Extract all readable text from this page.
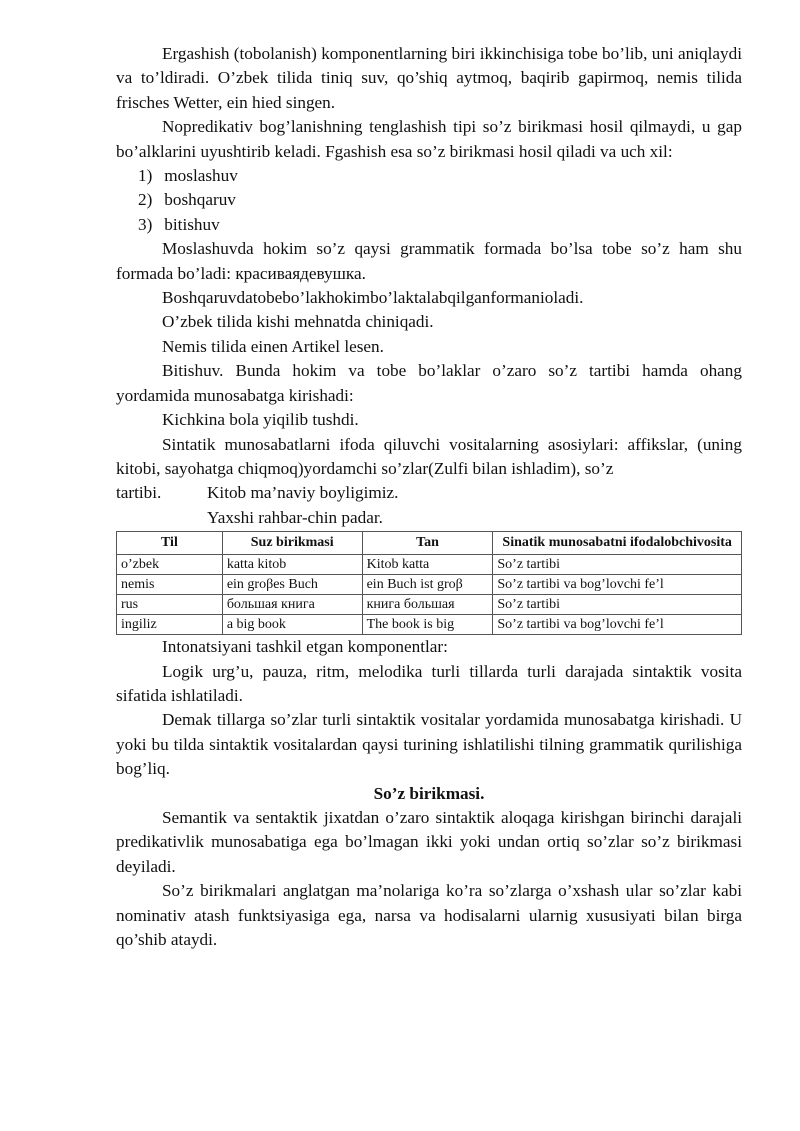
Ergashish (tobolanish) komponentlarning biri ikkinchisiga tobe bo’lib, uni aniqlaydi va to’ldiradi. O’zbek tilida tiniq suv, qo’shiq aytmoq, baqirib gapirmoq, nemis tilida frisches Wetter, ein hied singen.

Nopredikativ bog’lanishning tenglashish tipi so’z birikmasi hosil qilmaydi, u gap bo’alklarini uyushtirib keladi. Fgashish esa so’z birikmasi hosil qiladi va uch xil:

1) moslashuv
2) boshqaruv
3) bitishuv

Moslashuvda hokim so’z qaysi grammatik formada bo’lsa tobe so’z ham shu formada bo’ladi: красиваядевушка.

Boshqaruvdatobebo’lakhokimbo’laktalabqilganformanioladi.

O’zbek tilida kishi mehnatda chiniqadi.

Nemis tilida einen Artikel lesen.

Bitishuv. Bunda hokim va tobe bo’laklar o’zaro so’z tartibi hamda ohang yordamida munosabatga kirishadi:

Kichkina bola yiqilib tushdi.

Sintatik munosabatlarni ifoda qiluvchi vositalarning asosiylari: affikslar, (uning kitobi, sayohatga chiqmoq)yordamchi so’zlar(Zulfi bilan ishladim), so’z

tartibi.	Kitob ma’naviy boyligimiz.

Yaxshi rahbar-chin padar.

Til	Suz birikmasi	Tan	Sinatik munosabatni ifodalobchivosita
o’zbek	katta kitob	Kitob katta	So’z tartibi
nemis	ein groβes Buch	ein Buch ist groβ	So’z tartibi va bog’lovchi fe’l
rus	большая книга	книга большая	So’z tartibi
ingiliz	a big book	The book is big	So’z tartibi va bog’lovchi fe’l

Intonatsiyani tashkil etgan komponentlar:

Logik urg’u, pauza, ritm, melodika turli tillarda turli darajada sintaktik vosita sifatida ishlatiladi.

Demak tillarga so’zlar turli sintaktik vositalar yordamida munosabatga kirishadi. U yoki bu tilda sintaktik vositalardan qaysi turining ishlatilishi tilning grammatik qurilishiga bog’liq.

So’z birikmasi.

Semantik va sentaktik jixatdan o’zaro sintaktik aloqaga kirishgan birinchi darajali predikativlik munosabatiga ega bo’lmagan ikki yoki undan ortiq so’zlar so’z birikmasi deyiladi.

So’z birikmalari anglatgan ma’nolariga ko’ra so’zlarga o’xshash ular so’zlar kabi nominativ atash funktsiyasiga ega, narsa va hodisalarni ularnig xususiyati bilan birga qo’shib ataydi.
